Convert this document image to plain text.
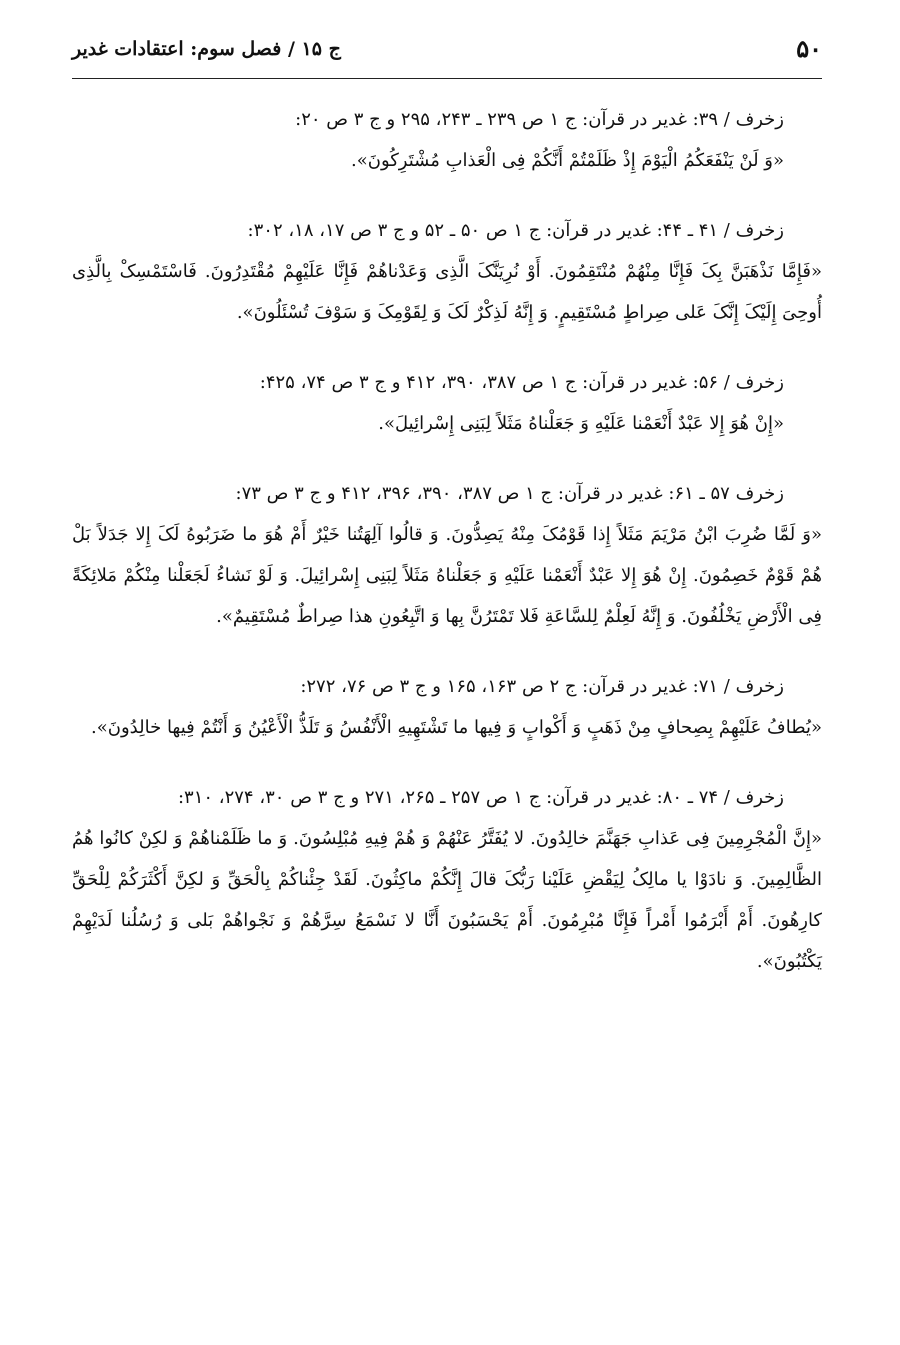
۵۰
ج ۱۵ / فصل سوم: اعتقادات غدیر
زخرف / ۳۹: غدیر در قرآن: ج ۱ ص ۲۳۹ ـ ۲۴۳، ۲۹۵ و ج ۳ ص ۲۰:
«وَ لَنْ یَنْفَعَکُمُ الْیَوْمَ إِذْ ظَلَمْتُمْ أَنَّکُمْ فِی الْعَذابِ مُشْتَرِکُونَ».
زخرف / ۴۱ ـ ۴۴: غدیر در قرآن: ج ۱ ص ۵۰ ـ ۵۲ و ج ۳ ص ۱۷، ۱۸، ۳۰۲:
«فَإِمَّا نَذْهَبَنَّ بِکَ فَإِنَّا مِنْهُمْ مُنْتَقِمُونَ. أَوْ نُرِیَنَّکَ الَّذِی وَعَدْناهُمْ فَإِنَّا عَلَیْهِمْ مُقْتَدِرُونَ. فَاسْتَمْسِکْ بِالَّذِی أُوحِیَ إِلَیْکَ إِنَّکَ عَلی صِراطٍ مُسْتَقِیمٍ. وَ إِنَّهُ لَذِکْرٌ لَکَ وَ لِقَوْمِکَ وَ سَوْفَ تُسْئَلُونَ».
زخرف / ۵۶: غدیر در قرآن: ج ۱ ص ۳۸۷، ۳۹۰، ۴۱۲ و ج ۳ ص ۷۴، ۴۲۵:
«إِنْ هُوَ إِلا عَبْدٌ أَنْعَمْنا عَلَیْهِ وَ جَعَلْناهُ مَثَلاً لِبَنِی إِسْرائِیلَ».
زخرف ۵۷ ـ ۶۱: غدیر در قرآن: ج ۱ ص ۳۸۷، ۳۹۰، ۳۹۶، ۴۱۲ و ج ۳ ص ۷۳:
«وَ لَمَّا ضُرِبَ ابْنُ مَرْیَمَ مَثَلاً إِذا قَوْمُکَ مِنْهُ یَصِدُّونَ. وَ قالُوا آلِهَتُنا خَیْرٌ أَمْ هُوَ ما ضَرَبُوهُ لَکَ إِلا جَدَلاً بَلْ هُمْ قَوْمٌ خَصِمُونَ. إِنْ هُوَ إِلا عَبْدٌ أَنْعَمْنا عَلَیْهِ وَ جَعَلْناهُ مَثَلاً لِبَنِی إِسْرائِیلَ. وَ لَوْ نَشاءُ لَجَعَلْنا مِنْکُمْ مَلائِکَةً فِی الْأَرْضِ یَخْلُفُونَ. وَ إِنَّهُ لَعِلْمٌ لِلسَّاعَةِ فَلا تَمْتَرُنَّ بِها وَ اتَّبِعُونِ هذا صِراطٌ مُسْتَقِیمٌ».
زخرف / ۷۱: غدیر در قرآن: ج ۲ ص ۱۶۳، ۱۶۵ و ج ۳ ص ۷۶، ۲۷۲:
«یُطافُ عَلَیْهِمْ بِصِحافٍ مِنْ ذَهَبٍ وَ أَکْوابٍ وَ فِیها ما تَشْتَهِیهِ الْأَنْفُسُ وَ تَلَذُّ الْأَعْیُنُ وَ أَنْتُمْ فِیها خالِدُونَ».
زخرف / ۷۴ ـ ۸۰: غدیر در قرآن: ج ۱ ص ۲۵۷ ـ ۲۶۵، ۲۷۱ و ج ۳ ص ۳۰، ۲۷۴، ۳۱۰:
«إِنَّ الْمُجْرِمِینَ فِی عَذابِ جَهَنَّمَ خالِدُونَ. لا یُفَتَّرُ عَنْهُمْ وَ هُمْ فِیهِ مُبْلِسُونَ. وَ ما ظَلَمْناهُمْ وَ لکِنْ کانُوا هُمُ الظَّالِمِینَ. وَ نادَوْا یا مالِکُ لِیَقْضِ عَلَیْنا رَبُّکَ قالَ إِنَّکُمْ ماکِثُونَ. لَقَدْ جِئْناکُمْ بِالْحَقِّ وَ لکِنَّ أَکْثَرَکُمْ لِلْحَقِّ کارِهُونَ. أَمْ أَبْرَمُوا أَمْراً فَإِنَّا مُبْرِمُونَ. أَمْ یَحْسَبُونَ أَنَّا لا نَسْمَعُ سِرَّهُمْ وَ نَجْواهُمْ بَلی وَ رُسُلُنا لَدَیْهِمْ یَکْتُبُونَ».
